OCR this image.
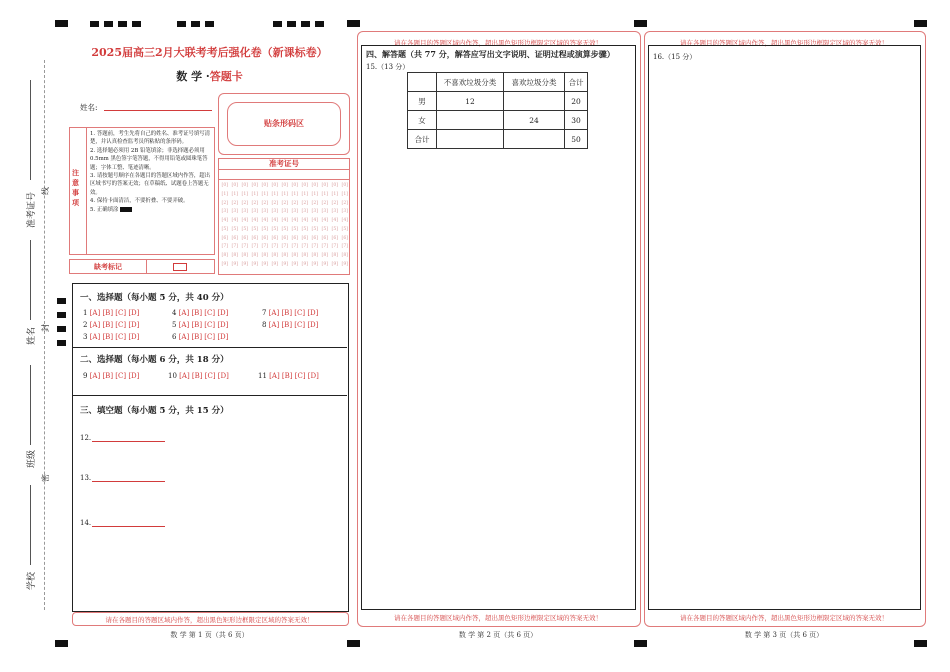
准考证号
线
姓名 封
班级
密
学校
2025届高三2月大联考考后强化卷（新课标卷）
数 学 ·答题卡
姓名:
贴条形码区
注意事项
1. 答题前，考生先将自己的姓名、准考证号填写清楚，并认真检查监考员所粘贴的条形码。
2. 选择题必须用 2B 铅笔填涂；非选择题必须用 0.5mm 黑色签字笔答题，不得用铅笔或圆珠笔答题；字体工整、笔迹清晰。
3. 请按题号顺序在各题目的答题区域内作答，超出区域书写的答案无效；在草稿纸、试题卷上答题无效。
4. 保持卡面清洁，不要折叠、不要弄破。
5. 正确填涂
缺考标记
准考证号
[0]
[1]
[2]
[3]
[4]
[5]
[6]
[7]
[8]
[9]
[0]
[1]
[2]
[3]
[4]
[5]
[6]
[7]
[8]
[9]
[0]
[1]
[2]
[3]
[4]
[5]
[6]
[7]
[8]
[9]
[0]
[1]
[2]
[3]
[4]
[5]
[6]
[7]
[8]
[9]
[0]
[1]
[2]
[3]
[4]
[5]
[6]
[7]
[8]
[9]
[0]
[1]
[2]
[3]
[4]
[5]
[6]
[7]
[8]
[9]
[0]
[1]
[2]
[3]
[4]
[5]
[6]
[7]
[8]
[9]
[0]
[1]
[2]
[3]
[4]
[5]
[6]
[7]
[8]
[9]
[0]
[1]
[2]
[3]
[4]
[5]
[6]
[7]
[8]
[9]
[0]
[1]
[2]
[3]
[4]
[5]
[6]
[7]
[8]
[9]
[0]
[1]
[2]
[3]
[4]
[5]
[6]
[7]
[8]
[9]
[0]
[1]
[2]
[3]
[4]
[5]
[6]
[7]
[8]
[9]
[0]
[1]
[2]
[3]
[4]
[5]
[6]
[7]
[8]
[9]
一、选择题（每小题 5 分，共 40 分）
1 [A] [B] [C] [D]
2 [A] [B] [C] [D]
3 [A] [B] [C] [D]
4 [A] [B] [C] [D]
5 [A] [B] [C] [D]
6 [A] [B] [C] [D]
7 [A] [B] [C] [D]
8 [A] [B] [C] [D]
二、选择题（每小题 6 分，共 18 分）
9 [A] [B] [C] [D]	10 [A] [B] [C] [D]	11 [A] [B] [C] [D]
三、填空题（每小题 5 分，共 15 分）
12.
13.
14.
请在各题目的答题区域内作答，超出黑色矩形边框限定区域的答案无效！
数 学 第 1 页（共 6 页）
请在各题目的答题区域内作答，超出黑色矩形边框限定区域的答案无效！
四、解答题（共 77 分，解答应写出文字说明、证明过程或演算步骤）
15.（13 分）
	不喜欢垃圾分类	喜欢垃圾分类	合计
男	12		20
女		24	30
合计			50
请在各题目的答题区域内作答，超出黑色矩形边框限定区域的答案无效！
数 学 第 2 页（共 6 页）
请在各题目的答题区域内作答，超出黑色矩形边框限定区域的答案无效！
16.（15 分）
请在各题目的答题区域内作答，超出黑色矩形边框限定区域的答案无效！
数 学 第 3 页（共 6 页）
